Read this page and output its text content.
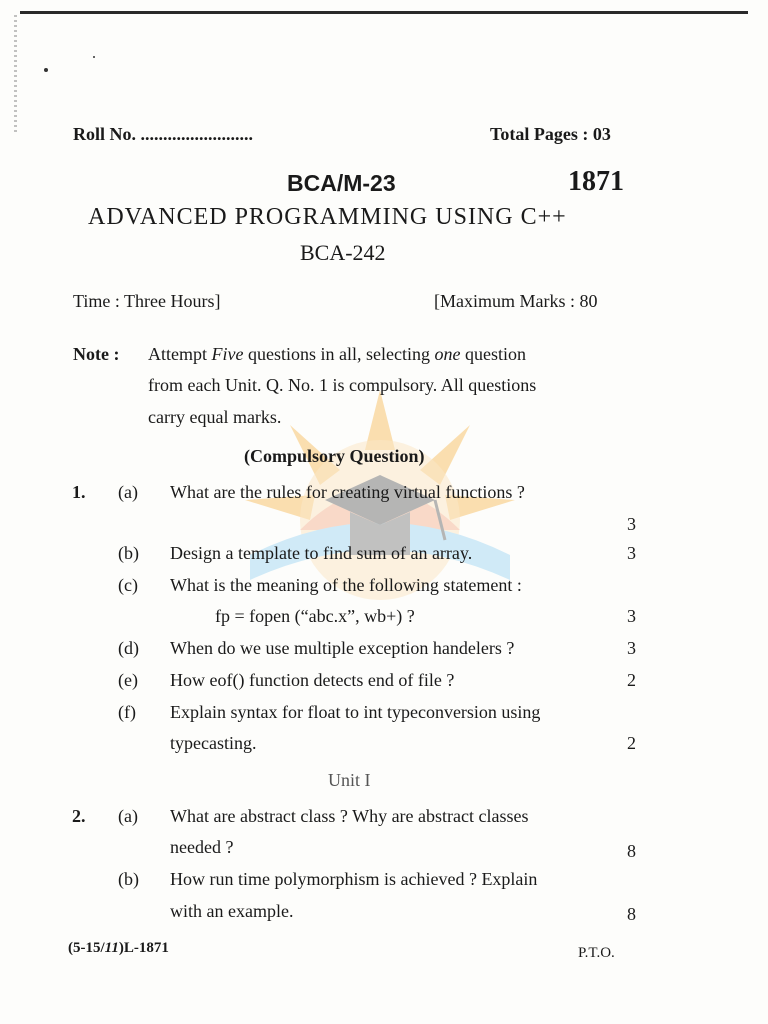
Roll No. .........................	Total Pages : 03
BCA/M-23	1871
ADVANCED PROGRAMMING USING C++
BCA-242
Time : Three Hours]	[Maximum Marks : 80
Note : Attempt Five questions in all, selecting one question
from each Unit. Q. No. 1 is compulsory. All questions
carry equal marks.
(Compulsory Question)
1. (a) What are the rules for creating virtual functions ?
3
(b) Design a template to find sum of an array.	3
(c) What is the meaning of the following statement :
fp = fopen (“abc.x”, wb+) ?	3
(d) When do we use multiple exception handelers ?	3
(e) How eof() function detects end of file ?	2
(f) Explain syntax for float to int typeconversion using
typecasting.	2
Unit I
2. (a) What are abstract class ? Why are abstract classes
needed ?	8
(b) How run time polymorphism is achieved ? Explain
with an example.	8
(5-15/11)L-1871	P.T.O.
